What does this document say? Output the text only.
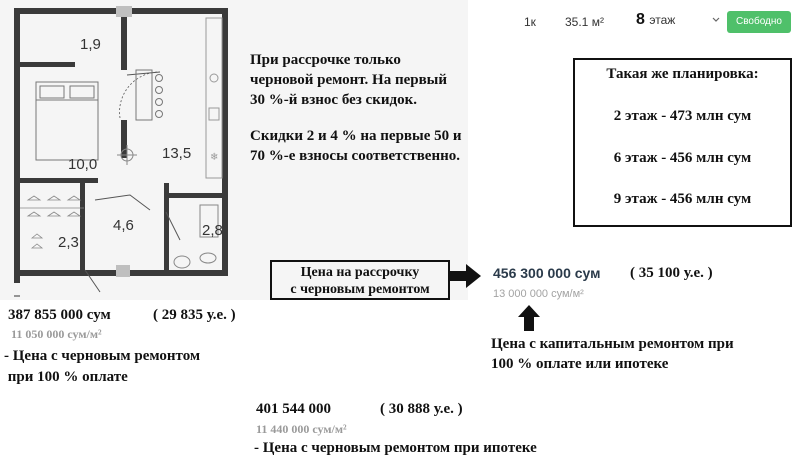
❄
1,9
10,0
13,5
4,6
2,3
2,8
1к 35.1 м² 8 этаж	Свободно
При рассрочке только
черновой ремонт. На первый
30 %-й взнос без скидок.
Скидки 2 и 4 % на первые 50 и
70 %-е взносы соответственно.
Такая же планировка:
2 этаж - 473 млн сум
6 этаж - 456 млн сум
9 этаж - 456 млн сум
Цена на рассрочку
с черновым ремонтом
456 300 000 сум ( 35 100 у.е. )
13 000 000 сум/м²
Цена с капитальным ремонтом при
100 % оплате или ипотеке
387 855 000 сум	( 29 835 у.е. )
11 050 000 сум/м²
- Цена с черновым ремонтом
при 100 % оплате
401 544 000	( 30 888 у.е. )
11 440 000 сум/м²
- Цена с черновым ремонтом при ипотеке
